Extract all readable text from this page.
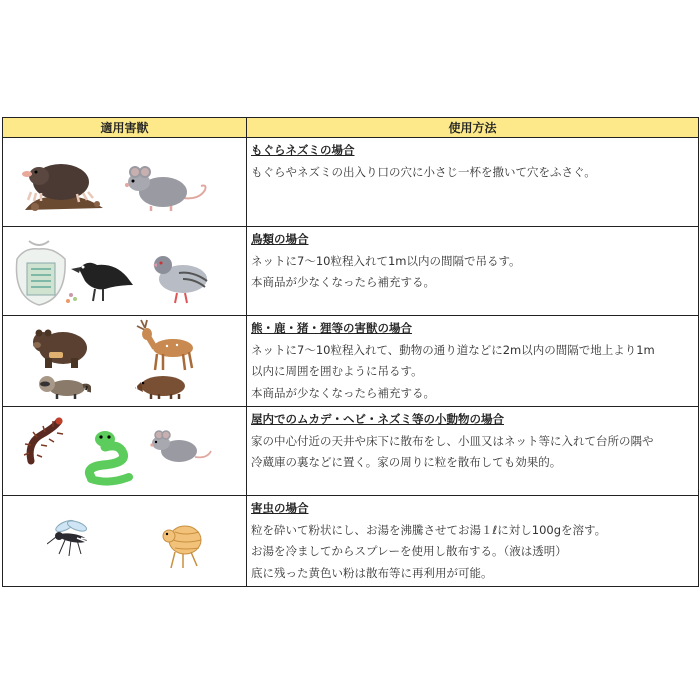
適用害獣	使用方法

もぐらネズミの場合
もぐらやネズミの出入り口の穴に小さじ一杯を撒いて穴をふさぐ。

鳥類の場合
ネットに7〜10粒程入れて1m以内の間隔で吊るす。
本商品が少なくなったら補充する。

熊・鹿・猪・狸等の害獣の場合
ネットに7〜10粒程入れて、動物の通り道などに2m以内の間隔で地上より1m
以内に周囲を囲むように吊るす。
本商品が少なくなったら補充する。

屋内でのムカデ・ヘビ・ネズミ等の小動物の場合
家の中心付近の天井や床下に散布をし、小皿又はネット等に入れて台所の隅や
冷蔵庫の裏などに置く。家の周りに粒を散布しても効果的。

害虫の場合
粒を砕いて粉状にし、お湯を沸騰させてお湯１ℓに対し100gを溶す。
お湯を冷ましてからスプレーを使用し散布する。（液は透明）
底に残った黄色い粉は散布等に再利用が可能。
